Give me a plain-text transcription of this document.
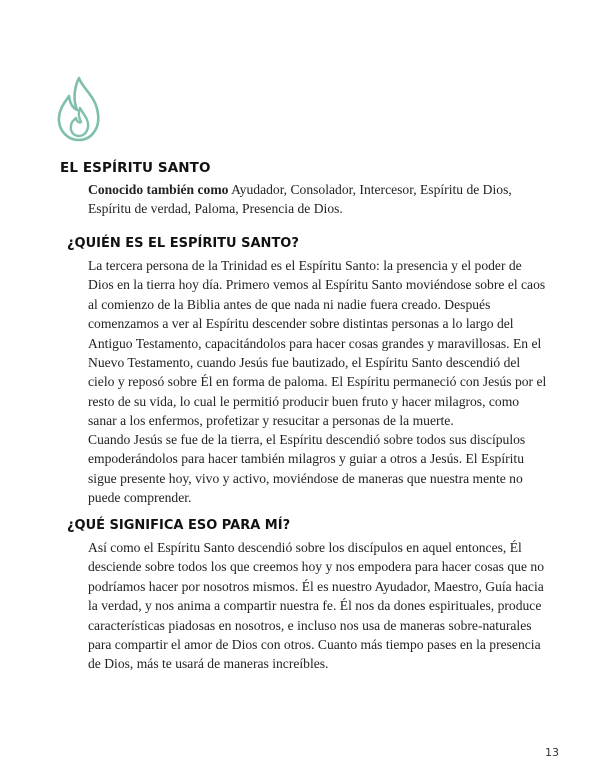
EL ESPÍRITU SANTO

Conocido también como Ayudador, Consolador, Intercesor, Espíritu de Dios, Espíritu de verdad, Paloma, Presencia de Dios.

¿QUIÉN ES EL ESPÍRITU SANTO?

La tercera persona de la Trinidad es el Espíritu Santo: la presencia y el poder de Dios en la tierra hoy día. Primero vemos al Espíritu Santo moviéndose sobre el caos al comienzo de la Biblia antes de que nada ni nadie fuera creado. Después comenzamos a ver al Espíritu descender sobre distintas personas a lo largo del Antiguo Testamento, capacitándolos para hacer cosas grandes y maravillosas. En el Nuevo Testamento, cuando Jesús fue bautizado, el Espíritu Santo descendió del cielo y reposó sobre Él en forma de paloma. El Espíritu permaneció con Jesús por el resto de su vida, lo cual le permitió producir buen fruto y hacer milagros, como sanar a los enfermos, profetizar y resucitar a personas de la muerte.

Cuando Jesús se fue de la tierra, el Espíritu descendió sobre todos sus discípulos empoderándolos para hacer también milagros y guiar a otros a Jesús. El Espíritu sigue presente hoy, vivo y activo, moviéndose de maneras que nuestra mente no puede comprender.

¿QUÉ SIGNIFICA ESO PARA MÍ?

Así como el Espíritu Santo descendió sobre los discípulos en aquel entonces, Él desciende sobre todos los que creemos hoy y nos empodera para hacer cosas que no podríamos hacer por nosotros mismos. Él es nuestro Ayudador, Maestro, Guía hacia la verdad, y nos anima a compartir nuestra fe. Él nos da dones espirituales, produce características piadosas en nosotros, e incluso nos usa de maneras sobre-naturales para compartir el amor de Dios con otros. Cuanto más tiempo pases en la presencia de Dios, más te usará de maneras increíbles.

13
